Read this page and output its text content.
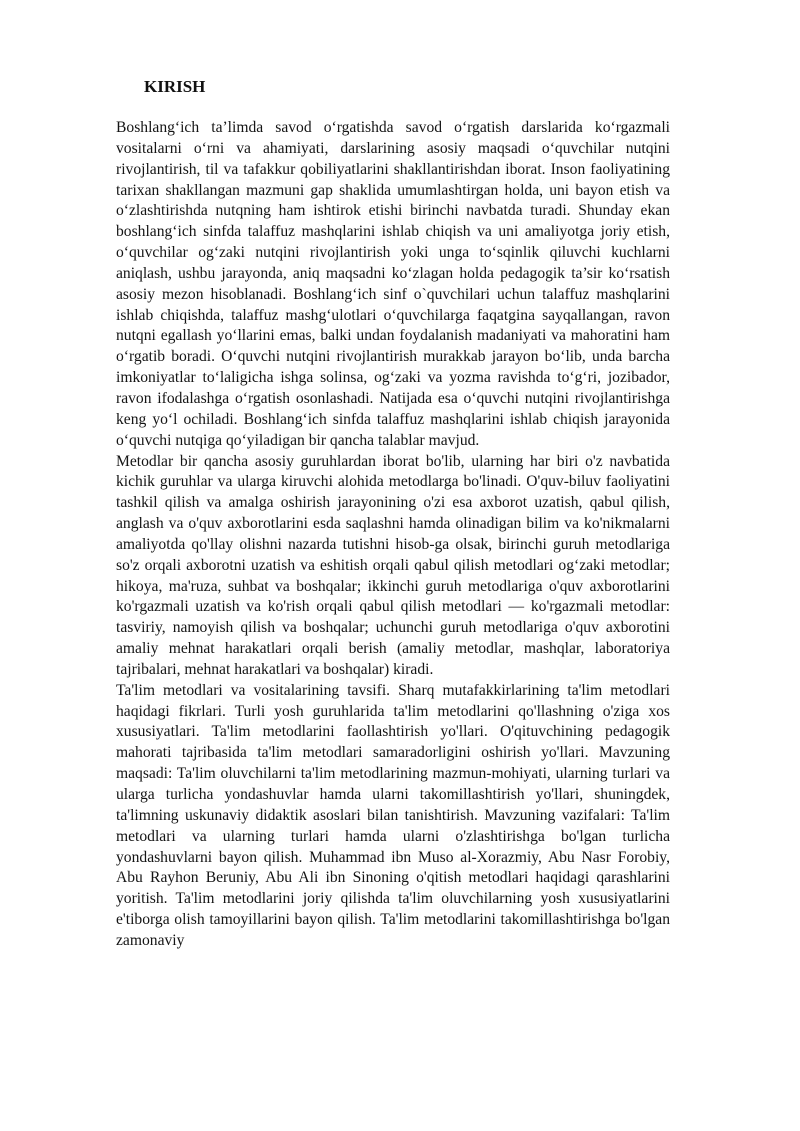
KIRISH

Boshlang‘ich ta’limda savod o‘rgatishda savod o‘rgatish darslarida ko‘rgazmali vositalarni o‘rni va ahamiyati, darslarining asosiy maqsadi o‘quvchilar nutqini rivojlantirish, til va tafakkur qobiliyatlarini shakllantirishdan iborat. Inson faoliyatining tarixan shakllangan mazmuni gap shaklida umumlashtirgan holda, uni bayon etish va o‘zlashtirishda nutqning ham ishtirok etishi birinchi navbatda turadi. Shunday ekan boshlang‘ich sinfda talaffuz mashqlarini ishlab chiqish va uni amaliyotga joriy etish, o‘quvchilar og‘zaki nutqini rivojlantirish yoki unga to‘sqinlik qiluvchi kuchlarni aniqlash, ushbu jarayonda, aniq maqsadni ko‘zlagan holda pedagogik ta’sir ko‘rsatish asosiy mezon hisoblanadi. Boshlang‘ich sinf o`quvchilari uchun talaffuz mashqlarini ishlab chiqishda, talaffuz mashg‘ulotlari o‘quvchilarga faqatgina sayqallangan, ravon nutqni egallash yo‘llarini emas, balki undan foydalanish madaniyati va mahoratini ham o‘rgatib boradi. O‘quvchi nutqini rivojlantirish murakkab jarayon bo‘lib, unda barcha imkoniyatlar to‘laligicha ishga solinsa, og‘zaki va yozma ravishda to‘g‘ri, jozibador, ravon ifodalashga o‘rgatish osonlashadi. Natijada esa o‘quvchi nutqini rivojlantirishga keng yo‘l ochiladi. Boshlang‘ich sinfda talaffuz mashqlarini ishlab chiqish jarayonida o‘quvchi nutqiga qo‘yiladigan bir qancha talablar mavjud.

Metodlar bir qancha asosiy guruhlardan iborat bo'lib, ularning har biri o'z navbatida kichik guruhlar va ularga kiruvchi alohida metodlarga bo'linadi. O'quv-biluv faoliyatini tashkil qilish va amalga oshirish jarayonining o'zi esa axborot uzatish, qabul qilish, anglash va o'quv axborotlarini esda saqlashni hamda olinadigan bilim va ko'nikmalarni amaliyotda qo'llay olishni nazarda tutishni hisob-ga olsak, birinchi guruh metodlariga so'z orqali axborotni uzatish va eshitish orqali qabul qilish metodlari og‘zaki metodlar; hikoya, ma'ruza, suhbat va boshqalar; ikkinchi guruh metodlariga o'quv axborotlarini ko'rgazmali uzatish va ko'rish orqali qabul qilish metodlari — ko'rgazmali metodlar: tasviriy, namoyish qilish va boshqalar; uchunchi guruh metodlariga o'quv axborotini amaliy mehnat harakatlari orqali berish (amaliy metodlar, mashqlar, laboratoriya tajribalari, mehnat harakatlari va boshqalar) kiradi.

Ta'lim metodlari va vositalarining tavsifi. Sharq mutafakkirlarining ta'lim metodlari haqidagi fikrlari. Turli yosh guruhlarida ta'lim metodlarini qo'llashning o'ziga xos xususiyatlari. Ta'lim metodlarini faollashtirish yo'llari. O'qituvchining pedagogik mahorati tajribasida ta'lim metodlari samaradorligini oshirish yo'llari. Mavzuning maqsadi: Ta'lim oluvchilarni ta'lim metodlarining mazmun-mohiyati, ularning turlari va ularga turlicha yondashuvlar hamda ularni takomillashtirish yo'llari, shuningdek, ta'limning uskunaviy didaktik asoslari bilan tanishtirish. Mavzuning vazifalari: Ta'lim metodlari va ularning turlari hamda ularni o'zlashtirishga bo'lgan turlicha yondashuvlarni bayon qilish. Muhammad ibn Muso al-Xorazmiy, Abu Nasr Forobiy, Abu Rayhon Beruniy, Abu Ali ibn Sinoning o'qitish metodlari haqidagi qarashlarini yoritish. Ta'lim metodlarini joriy qilishda ta'lim oluvchilarning yosh xususiyatlarini e'tiborga olish tamoyillarini bayon qilish. Ta'lim metodlarini takomillashtirishga bo'lgan zamonaviy
